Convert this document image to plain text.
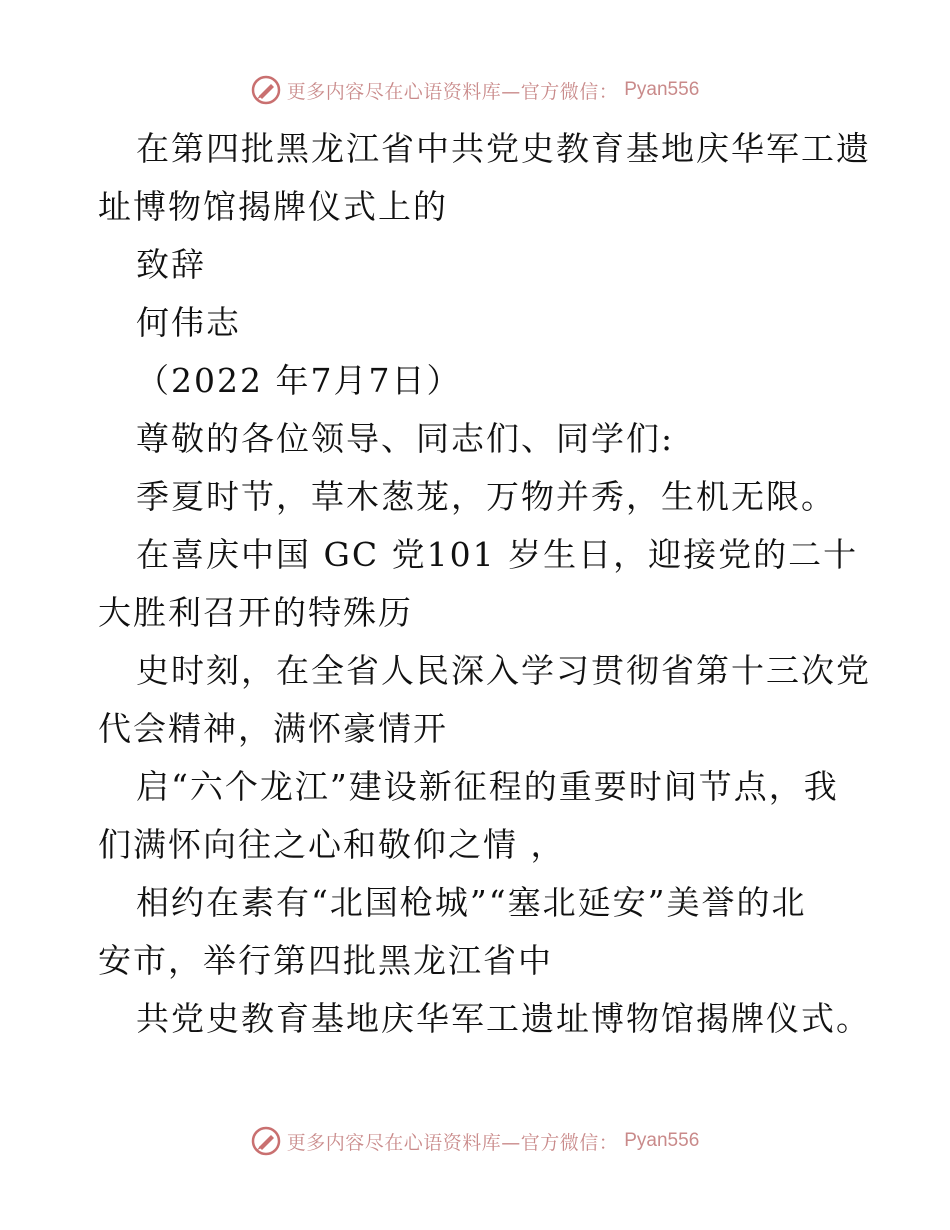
更多内容尽在心语资料库—官方微信： Pyan556
在第四批黑龙江省中共党史教育基地庆华军工遗
址博物馆揭牌仪式上的
致辞
何伟志
（2022 年7月7日）
尊敬的各位领导、同志们、同学们:
季夏时节，草木葱茏，万物并秀，生机无限。
在喜庆中国 GC 党101 岁生日，迎接党的二十
大胜利召开的特殊历
史时刻，在全省人民深入学习贯彻省第十三次党
代会精神，满怀豪情开
启“六个龙江”建设新征程的重要时间节点，我
们满怀向往之心和敬仰之情 ，
相约在素有“北国枪城”“塞北延安”美誉的北
安市，举行第四批黑龙江省中
共党史教育基地庆华军工遗址博物馆揭牌仪式。
更多内容尽在心语资料库—官方微信： Pyan556
